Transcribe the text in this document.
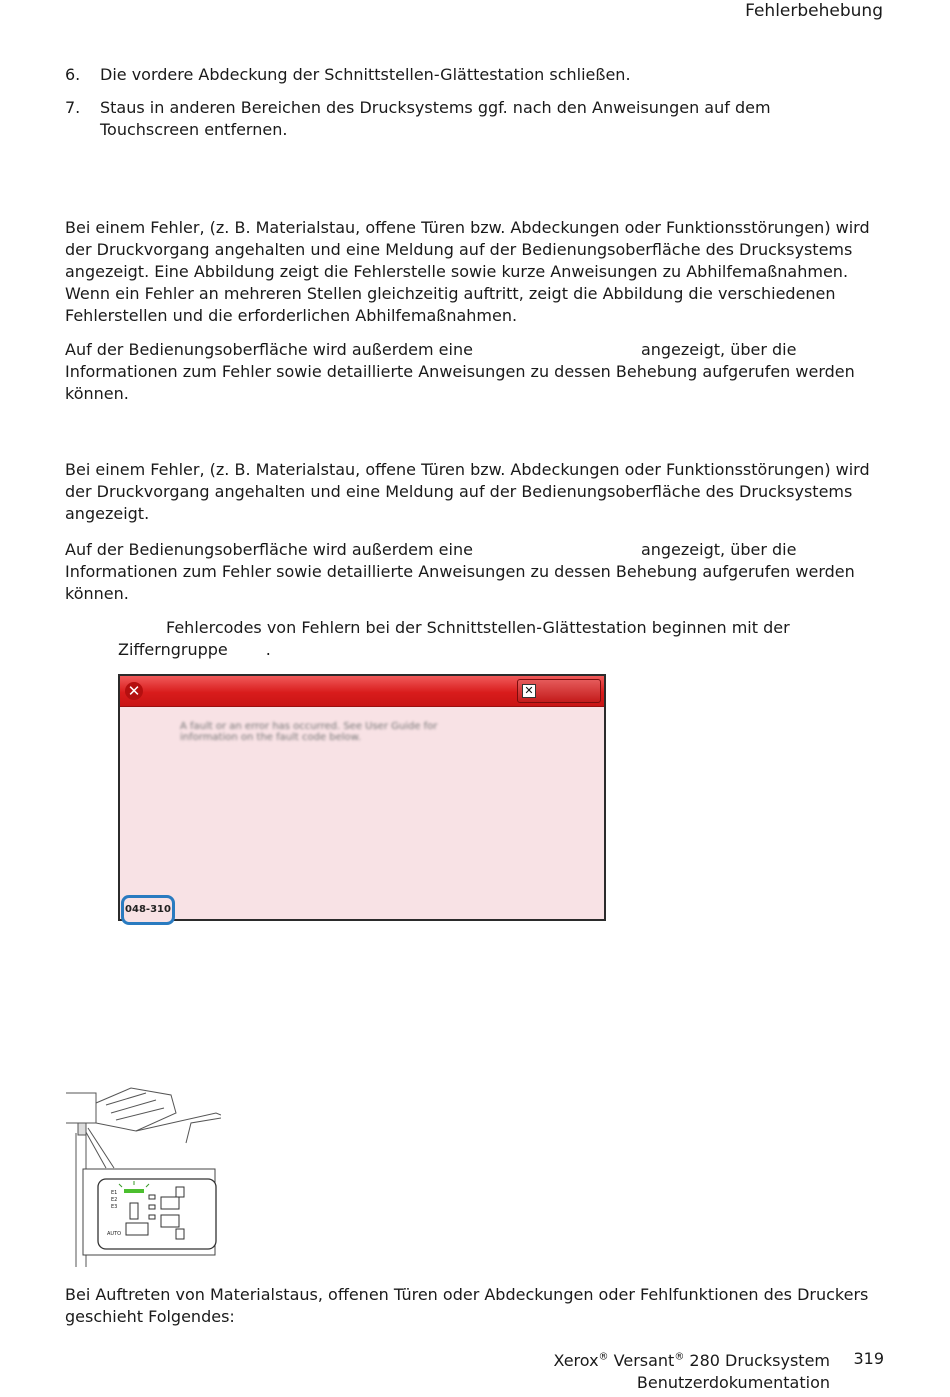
Fehlerbehebung
6. Die vordere Abdeckung der Schnittstellen-Glättestation schließen.
7. Staus in anderen Bereichen des Drucksystems ggf. nach den Anweisungen auf dem Touchscreen entfernen.
Bei einem Fehler, (z. B. Materialstau, offene Türen bzw. Abdeckungen oder Funktionsstörungen) wird der Druckvorgang angehalten und eine Meldung auf der Bedienungsoberfläche des Drucksystems angezeigt. Eine Abbildung zeigt die Fehlerstelle sowie kurze Anweisungen zu Abhilfemaßnahmen. Wenn ein Fehler an mehreren Stellen gleichzeitig auftritt, zeigt die Abbildung die verschiedenen Fehlerstellen und die erforderlichen Abhilfemaßnahmen.
Auf der Bedienungsoberfläche wird außerdem eine	angezeigt, über die Informationen zum Fehler sowie detaillierte Anweisungen zu dessen Behebung aufgerufen werden können.
Bei einem Fehler, (z. B. Materialstau, offene Türen bzw. Abdeckungen oder Funktionsstörungen) wird der Druckvorgang angehalten und eine Meldung auf der Bedienungsoberfläche des Drucksystems angezeigt.
Auf der Bedienungsoberfläche wird außerdem eine	angezeigt, über die Informationen zum Fehler sowie detaillierte Anweisungen zu dessen Behebung aufgerufen werden können.
Fehlercodes von Fehlern bei der Schnittstellen-Glättestation beginnen mit der
Zifferngruppe .
✕	✕
A fault or an error has occurred. See User Guide for information on the fault code below.
048-310
E1
E2
E3
AUTO
Bei Auftreten von Materialstaus, offenen Türen oder Abdeckungen oder Fehlfunktionen des Druckers geschieht Folgendes:
Xerox® Versant® 280 Drucksystem
Benutzerdokumentation
319
